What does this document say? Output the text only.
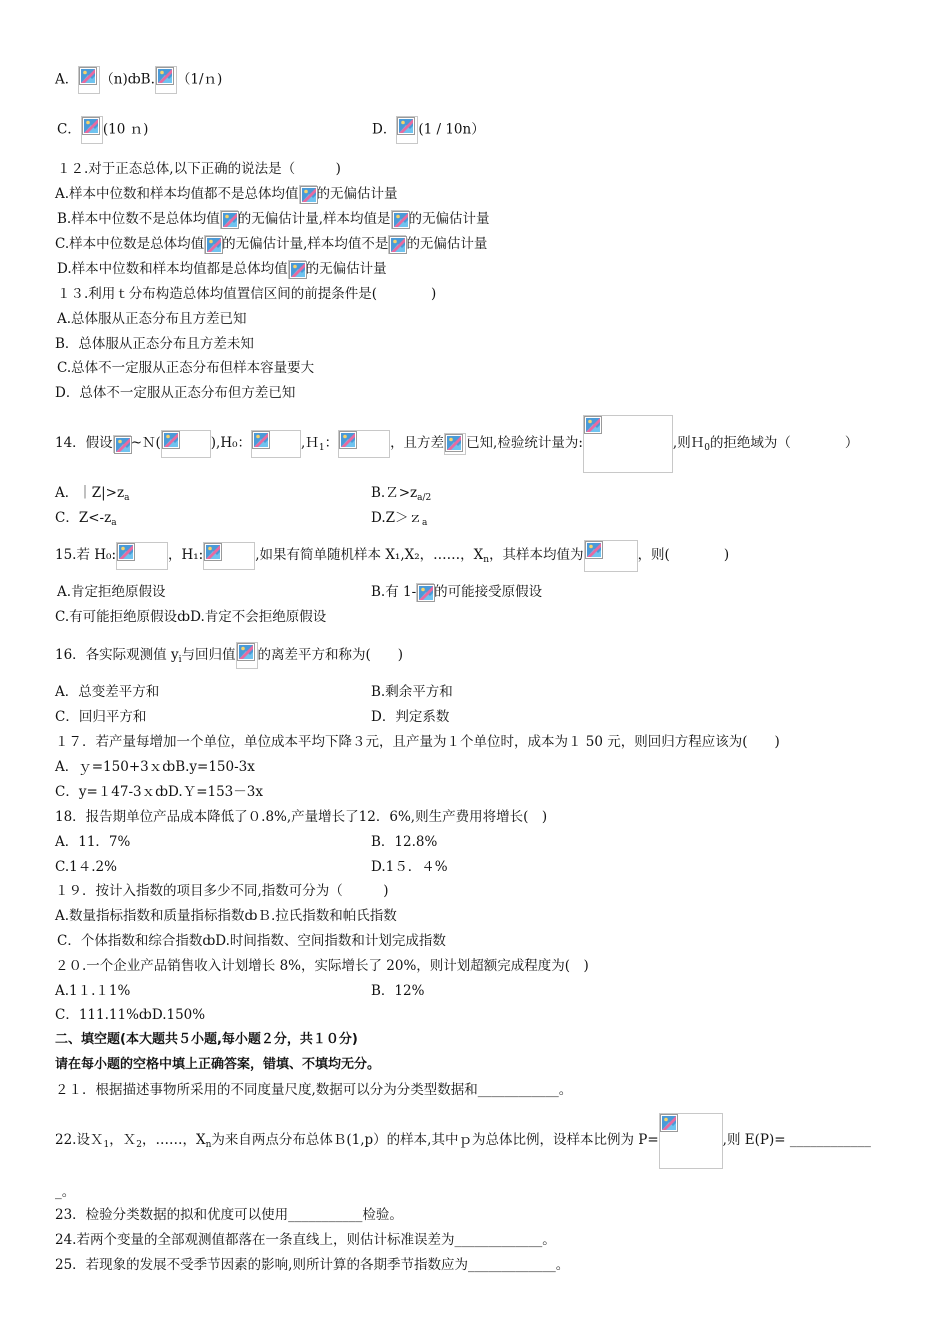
A． （n)ȸB. （1/ｎ)
C． (10 ｎ)	D． (1 / 10n）
１２.对于正态总体,以下正确的说法是（　　　)
A.样本中位数和样本均值都不是总体均值 的无偏估计量
B.样本中位数不是总体均值 的无偏估计量,样本均值是 的无偏估计量
C.样本中位数是总体均值 的无偏估计量,样本均值不是 的无偏估计量
D.样本中位数和样本均值都是总体均值 的无偏估计量
１３.利用ｔ分布构造总体均值置信区间的前提条件是(　　　　)
A.总体服从正态分布且方差已知
B．总体服从正态分布且方差未知
C.总体不一定服从正态分布但样本容量要大
D．总体不一定服从正态分布但方差已知
14．假设 ~Ｎ(	),H₀：	,Ｈ$_1$：	，且方差 已知,检验统计量为:	,则Ｈ$_0$的拒绝域为（　　　　）
A．$|Z|>z_a$	$B.Z>z_{a/2}$
C．$Z<-z_a$	D.Z＞ｚ$_a$
15.若 H₀:	，H₁:	,如果有简单随机样本 X₁,X₂，……，$X_n$，其样本均值为	，则(　　　　)
A.肯定拒绝原假设	B.有 1- 的可能接受原假设
C.有可能拒绝原假设ȸD.肯定不会拒绝原假设
16．各实际观测值 $y_i$与回归值 的离差平方和称为(　　)
A．总变差平方和	B.剩余平方和
C．回归平方和	D．判定系数
１７．若产量每增加一个单位，单位成本平均下降３元，且产量为１个单位时，成本为１ 50 元，则回归方程应该为(　　)
A．ｙ=150+3ｘȸB.y=150-3x
C．y=１47-3ｘȸD.Ｙ=153－3x
18．报告期单位产品成本降低了０.8%,产量增长了12．6%,则生产费用将增长(　)
A．11．7%	B．12.8%
C.1４.2%	D.1５．４%
１９．按计入指数的项目多少不同,指数可分为（　　　)
A.数量指标指数和质量指标指数ȸＢ.拉氏指数和帕氏指数
C．个体指数和综合指数ȸD.时间指数、空间指数和计划完成指数
２０.一个企业产品销售收入计划增长 8%，实际增长了 20%，则计划超额完成程度为(　)
A.1１.１1%	B．12%
C．111.11%ȸD.150%
二、填空题(本大题共５小题,每小题２分，共１０分)
请在每小题的空格中填上正确答案，错填、不填均无分。
２１．根据描述事物所采用的不同度量尺度,数据可以分为分类型数据和____________。
22.设Ｘ$_1$，Ｘ$_2$，……，$X_n$为来自两点分布总体Ｂ(1,p）的样本,其中ｐ为总体比例，设样本比例为 P=	,则 E(P)= ____________
_。
23．检验分类数据的拟和优度可以使用___________检验。
24.若两个变量的全部观测值都落在一条直线上，则估计标准误差为_____________。
25．若现象的发展不受季节因素的影响,则所计算的各期季节指数应为_____________。
